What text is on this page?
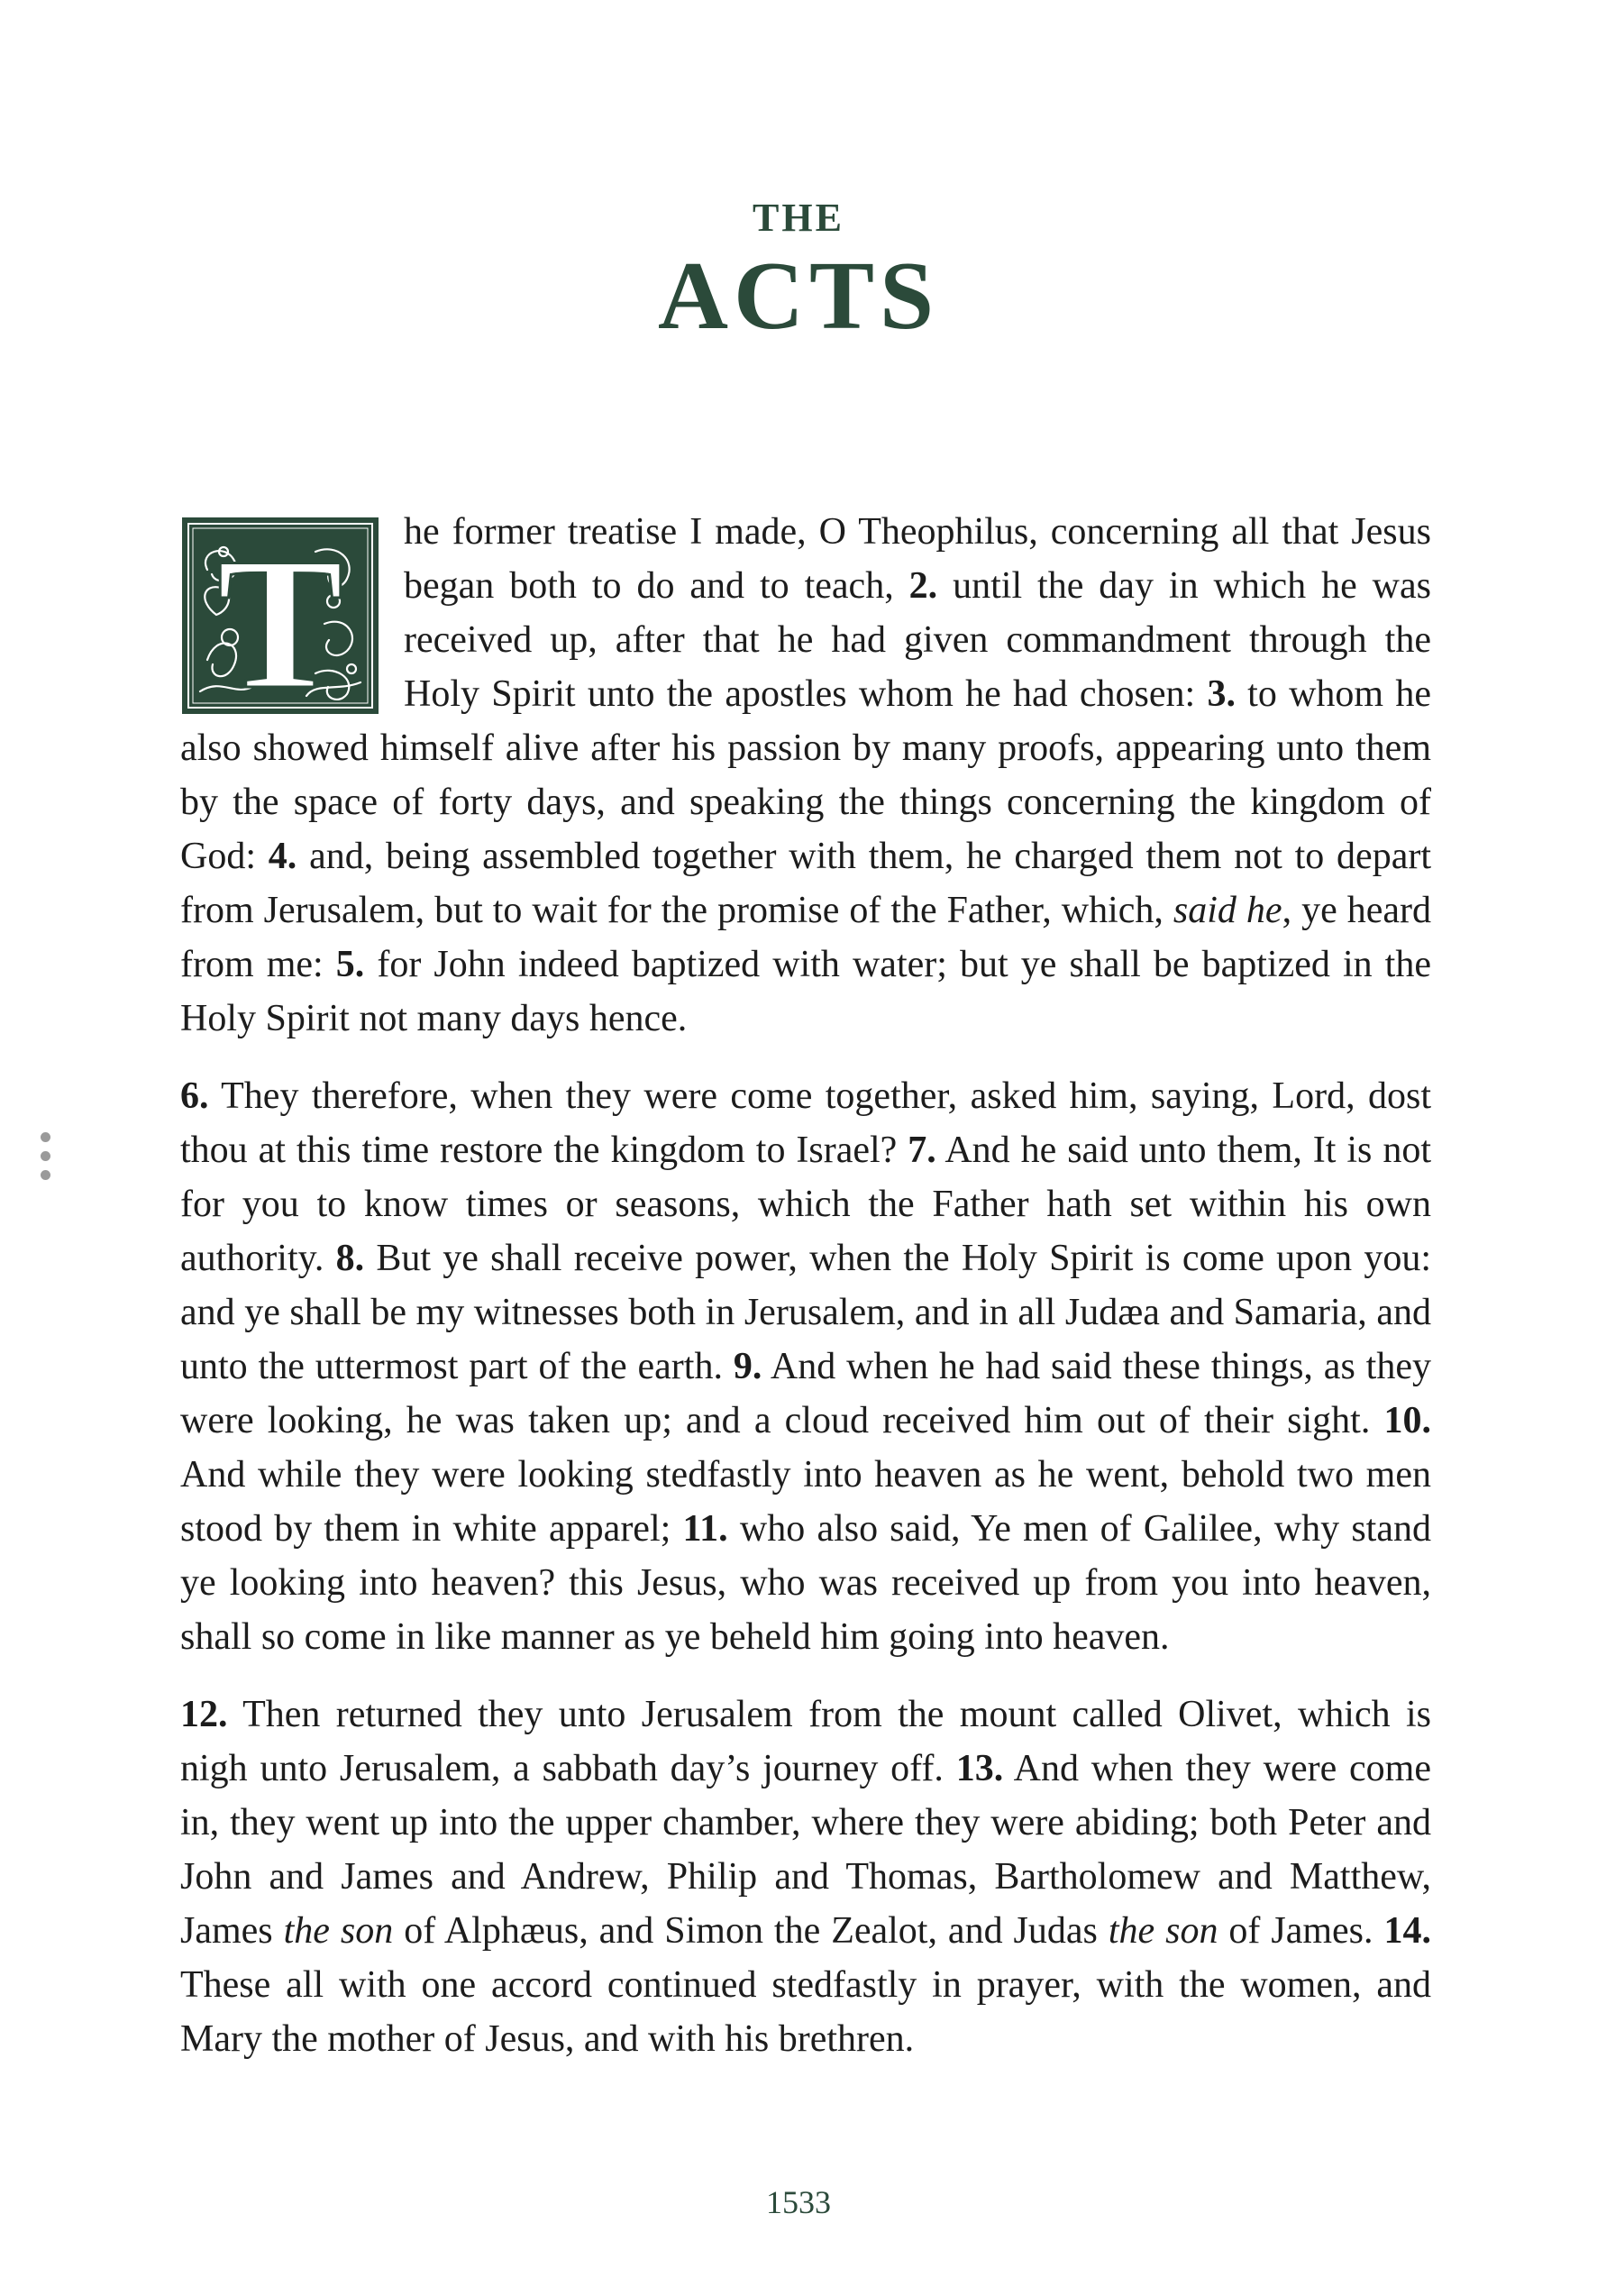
THE
ACTS

T he former treatise I made, O Theophilus, concerning all that Jesus began both to do and to teach, 2. until the day in which he was received up, after that he had given commandment through the Holy Spirit unto the apostles whom he had chosen: 3. to whom he also showed himself alive after his passion by many proofs, appearing unto them by the space of forty days, and speaking the things concerning the kingdom of God: 4. and, being assembled together with them, he charged them not to depart from Jerusalem, but to wait for the promise of the Father, which, said he, ye heard from me: 5. for John indeed baptized with water; but ye shall be baptized in the Holy Spirit not many days hence.

6. They therefore, when they were come together, asked him, saying, Lord, dost thou at this time restore the kingdom to Israel? 7. And he said unto them, It is not for you to know times or seasons, which the Father hath set within his own authority. 8. But ye shall receive power, when the Holy Spirit is come upon you: and ye shall be my witnesses both in Jerusalem, and in all Judæa and Samaria, and unto the uttermost part of the earth. 9. And when he had said these things, as they were looking, he was taken up; and a cloud received him out of their sight. 10. And while they were looking stedfastly into heaven as he went, behold two men stood by them in white apparel; 11. who also said, Ye men of Galilee, why stand ye looking into heaven? this Jesus, who was received up from you into heaven, shall so come in like manner as ye beheld him going into heaven.

12. Then returned they unto Jerusalem from the mount called Olivet, which is nigh unto Jerusalem, a sabbath day’s journey off. 13. And when they were come in, they went up into the upper chamber, where they were abiding; both Peter and John and James and Andrew, Philip and Thomas, Bartholomew and Matthew, James the son of Alphæus, and Simon the Zealot, and Judas the son of James. 14. These all with one accord continued stedfastly in prayer, with the women, and Mary the mother of Jesus, and with his brethren.

1533
